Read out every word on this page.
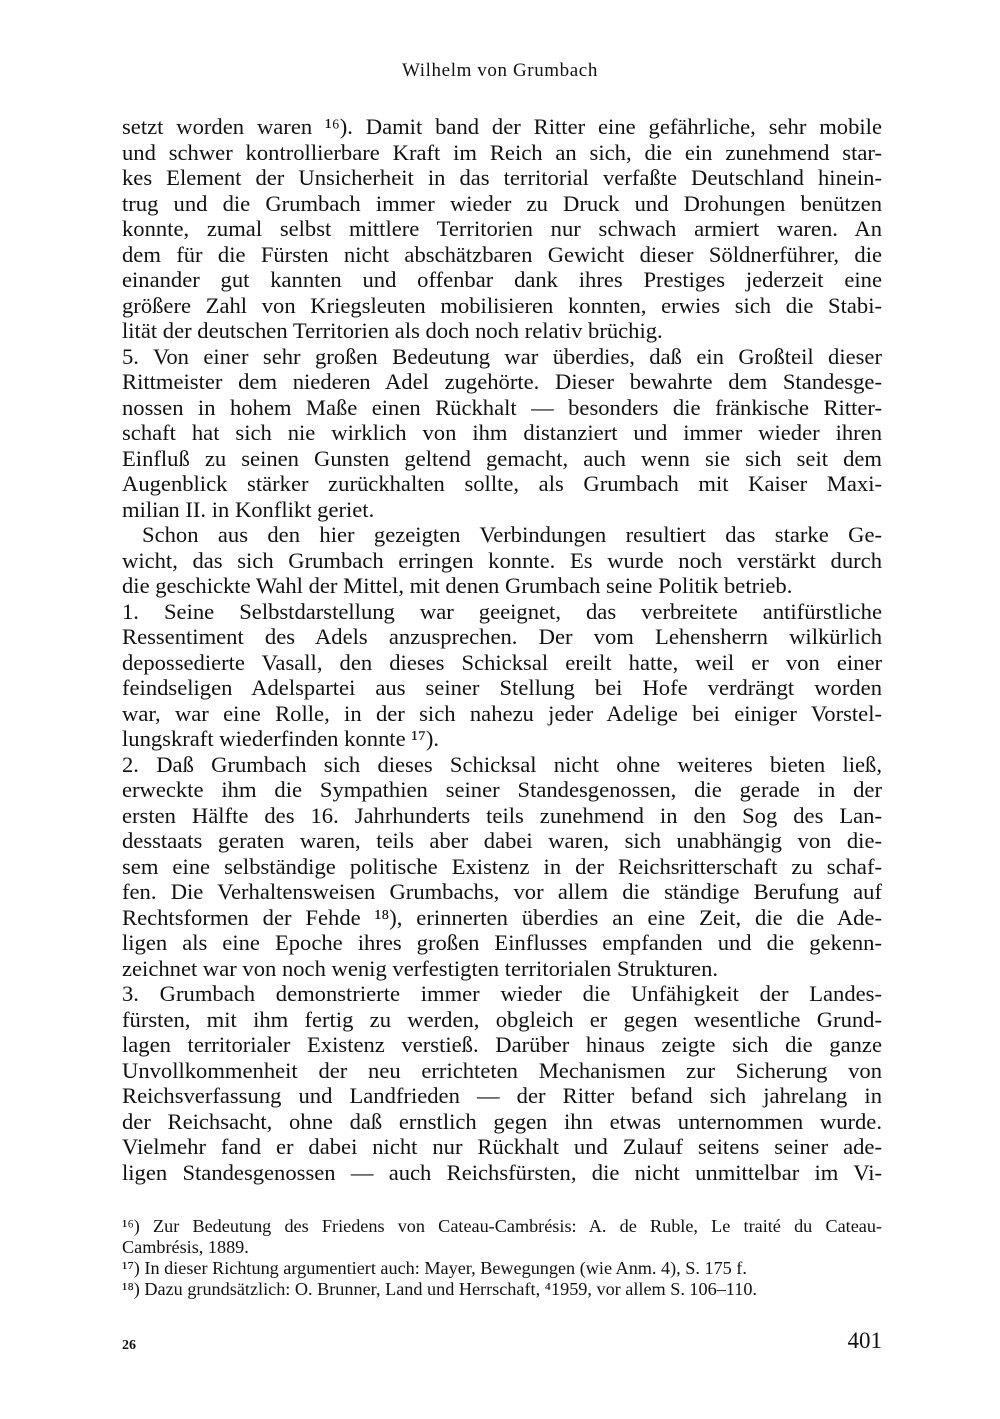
Wilhelm von Grumbach
setzt worden waren ¹⁶). Damit band der Ritter eine gefährliche, sehr mobile
und schwer kontrollierbare Kraft im Reich an sich, die ein zunehmend star-
kes Element der Unsicherheit in das territorial verfaßte Deutschland hinein-
trug und die Grumbach immer wieder zu Druck und Drohungen benützen
konnte, zumal selbst mittlere Territorien nur schwach armiert waren. An
dem für die Fürsten nicht abschätzbaren Gewicht dieser Söldnerführer, die
einander gut kannten und offenbar dank ihres Prestiges jederzeit eine
größere Zahl von Kriegsleuten mobilisieren konnten, erwies sich die Stabi-
lität der deutschen Territorien als doch noch relativ brüchig.
5. Von einer sehr großen Bedeutung war überdies, daß ein Großteil dieser
Rittmeister dem niederen Adel zugehörte. Dieser bewahrte dem Standesge-
nossen in hohem Maße einen Rückhalt — besonders die fränkische Ritter-
schaft hat sich nie wirklich von ihm distanziert und immer wieder ihren
Einfluß zu seinen Gunsten geltend gemacht, auch wenn sie sich seit dem
Augenblick stärker zurückhalten sollte, als Grumbach mit Kaiser Maxi-
milian II. in Konflikt geriet.
Schon aus den hier gezeigten Verbindungen resultiert das starke Ge-
wicht, das sich Grumbach erringen konnte. Es wurde noch verstärkt durch
die geschickte Wahl der Mittel, mit denen Grumbach seine Politik betrieb.
1. Seine Selbstdarstellung war geeignet, das verbreitete antifürstliche
Ressentiment des Adels anzusprechen. Der vom Lehensherrn wilkürlich
depossedierte Vasall, den dieses Schicksal ereilt hatte, weil er von einer
feindseligen Adelspartei aus seiner Stellung bei Hofe verdrängt worden
war, war eine Rolle, in der sich nahezu jeder Adelige bei einiger Vorstel-
lungskraft wiederfinden konnte ¹⁷).
2. Daß Grumbach sich dieses Schicksal nicht ohne weiteres bieten ließ,
erweckte ihm die Sympathien seiner Standesgenossen, die gerade in der
ersten Hälfte des 16. Jahrhunderts teils zunehmend in den Sog des Lan-
desstaats geraten waren, teils aber dabei waren, sich unabhängig von die-
sem eine selbständige politische Existenz in der Reichsritterschaft zu schaf-
fen. Die Verhaltensweisen Grumbachs, vor allem die ständige Berufung auf
Rechtsformen der Fehde ¹⁸), erinnerten überdies an eine Zeit, die die Ade-
ligen als eine Epoche ihres großen Einflusses empfanden und die gekenn-
zeichnet war von noch wenig verfestigten territorialen Strukturen.
3. Grumbach demonstrierte immer wieder die Unfähigkeit der Landes-
fürsten, mit ihm fertig zu werden, obgleich er gegen wesentliche Grund-
lagen territorialer Existenz verstieß. Darüber hinaus zeigte sich die ganze
Unvollkommenheit der neu errichteten Mechanismen zur Sicherung von
Reichsverfassung und Landfrieden — der Ritter befand sich jahrelang in
der Reichsacht, ohne daß ernstlich gegen ihn etwas unternommen wurde.
Vielmehr fand er dabei nicht nur Rückhalt und Zulauf seitens seiner ade-
ligen Standesgenossen — auch Reichsfürsten, die nicht unmittelbar im Vi-
¹⁶) Zur Bedeutung des Friedens von Cateau-Cambrésis: A. de Ruble, Le traité du Cateau-
Cambrésis, 1889.
¹⁷) In dieser Richtung argumentiert auch: Mayer, Bewegungen (wie Anm. 4), S. 175 f.
¹⁸) Dazu grundsätzlich: O. Brunner, Land und Herrschaft, ⁴1959, vor allem S. 106–110.
26	401
